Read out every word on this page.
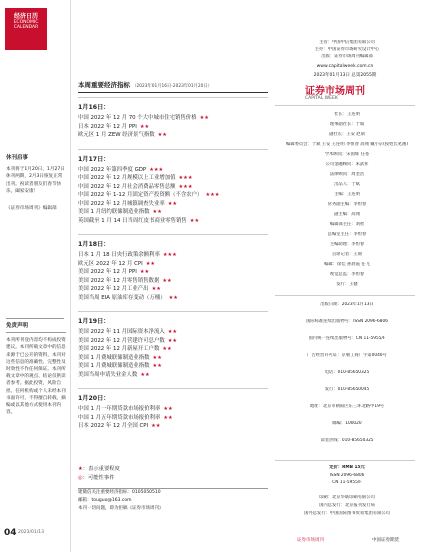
经济日历
ECONOMIC CALENDAR
休刊启事
本刊将于1月20日、1月27日休刊两期，2月3日恢复正常出刊。祝读者朋友们春节快乐，阖家安康！
《证券市场周刊》编辑部
免责声明
本刊所刊登内容均不构成投资建议。本刊所载文章中的信息来源于已公开的资料，本刊对这些信息的准确性、完整性及时效性不作任何保证。本刊所载文章中的观点、结论仅供读者参考。据此投资，风险自担。任何机构或个人未经本刊书面许可，不得擅自转载、摘编或以其他方式使用本刊内容。
04 2023/01/13
本周重要经济指标 （2023年01月16日-2023年01月20日）
1月16日：
中国 2022 年 12 月 70 个大中城市住宅销售价格 ★★
日本 2022 年 12 月 PPI ★★
欧元区 1 月 ZEW 经济景气指数 ★★
1月17日：
中国 2022 年第四季度 GDP ★★★
中国 2022 年 12 月规模以上工业增加值 ★★★
中国 2022 年 12 月社会消费品零售总额 ★★★
中国 2022 年 1-12 月固定资产投资额（不含农户） ★★★
中国 2022 年 12 月城镇调查失业率 ★★
美国 1 月纽约联储制造业指数 ★★
英国截至 1 月 14 日当周红皮书商业零售销售 ★★
1月18日：
日本 1 月 18 日央行政策余额利率 ★★★
欧元区 2022 年 12 月 CPI ★★
美国 2022 年 12 月 PPI ★★
美国 2022 年 12 月零售销售数据 ★★
美国 2022 年 12 月工业产出 ★★
美国当周 EIA 原油库存变动（万桶） ★★
1月19日：
美国 2022 年 11 月国际资本净流入 ★★
美国 2022 年 12 月营建许可总户数 ★★
美国 2022 年 12 月新屋开工户数 ★★
美国 1 月费城联储制造业指数 ★★
美国 1 月费城联储制造业指数 ★★
美国当周申请失业金人数 ★★
1月20日：
中国 1 月一年期贷款市场报价利率 ★★
中国 1 月五年期贷款市场报价利率 ★★
日本 2022 年 12 月全国 CPI ★★
★：表示重要程度
◎：可能性事件
建微信关注重要经济指标：0105050510
邮箱：touguo@163.com
本刊一切问题，即为拒稿《证券市场周刊》
主管：中国中信集团有限公司
主办：中国证券市场研究设计中心
出版：证券市场周刊编辑部
www.capitalweek.com.cn
2023年01月13日 总第2055期
证券市场周刊
CAPITAL WEEK
社长：王连明
理事副社长：于斌
副社长：王安 赵斯
编辑委员会：于斌 王安 王连明 李恒春 高翔 戴小京(按姓氏笔画)
学术顾问：宋国辉 任苍
公司金融顾问：朱武祥
法律顾问：周奎浩
出品人：于斌
主编：王连明
常务副主编：李恒春
副主编：高翔
编辑部主任：刘智
总编室主任：李恒春
主编助理：李恒春
首席记者：王锦
编辑：徐佳 孙晨霞 任飞
视觉总监：李恒春
发行：王健
出版日期：2023年1月13日
国际标准连续出版物号：ISSN 2096-6806
国内统一连续出版物号：CN 11-5955/F
广告经营许可证：京朝工商广字第0040号
电话：010-85650325
发行：010-85650045
地址：北京市朝阳区东三环北路甲19号
邮编：100020
读者热线：010-85650325
定价：RMB 15元
ISSN 2096-6806
CN 11-5955/F
印刷：北京华联印刷有限公司
国内总发行：北京报刊发行局
国外总发行：中国国际图书贸易集团有限公司
证券市场周刊	中国证券期货
